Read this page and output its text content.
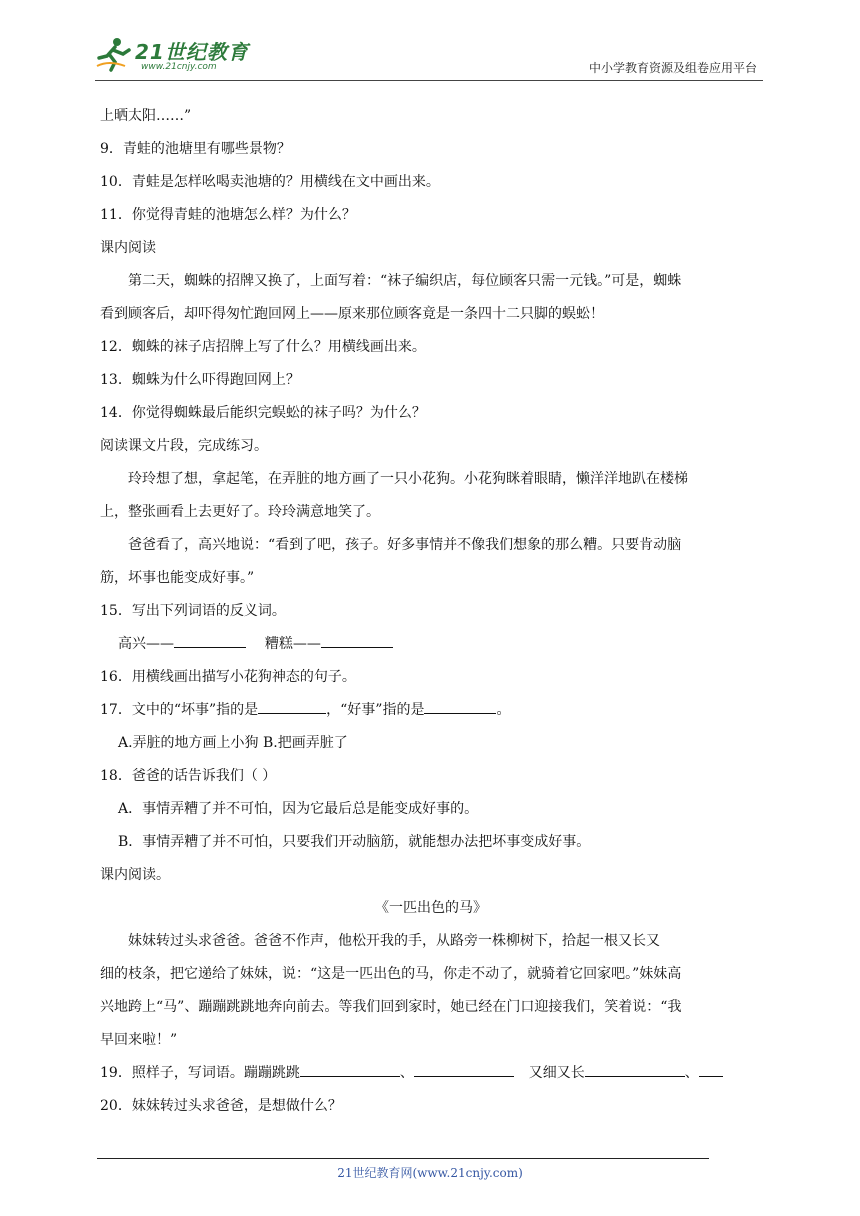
21世纪教育
www.21cnjy.com	中小学教育资源及组卷应用平台
上晒太阳……”
9．青蛙的池塘里有哪些景物？
10．青蛙是怎样吆喝卖池塘的？用横线在文中画出来。
11．你觉得青蛙的池塘怎么样？为什么？
课内阅读
第二天，蜘蛛的招牌又换了，上面写着：“袜子编织店，每位顾客只需一元钱。”可是，蜘蛛
看到顾客后，却吓得匆忙跑回网上——原来那位顾客竟是一条四十二只脚的蜈蚣！
12．蜘蛛的袜子店招牌上写了什么？用横线画出来。
13．蜘蛛为什么吓得跑回网上？
14．你觉得蜘蛛最后能织完蜈蚣的袜子吗？为什么？
阅读课文片段，完成练习。
玲玲想了想，拿起笔，在弄脏的地方画了一只小花狗。小花狗眯着眼睛，懒洋洋地趴在楼梯
上，整张画看上去更好了。玲玲满意地笑了。
爸爸看了，高兴地说：“看到了吧，孩子。好多事情并不像我们想象的那么糟。只要肯动脑
筋，坏事也能变成好事。”
15．写出下列词语的反义词。
高兴——	糟糕——
16．用横线画出描写小花狗神态的句子。
17．文中的“坏事”指的是	，“好事”指的是	。
A.弄脏的地方画上小狗 B.把画弄脏了
18．爸爸的话告诉我们（ ）
A．事情弄糟了并不可怕，因为它最后总是能变成好事的。
B．事情弄糟了并不可怕，只要我们开动脑筋，就能想办法把坏事变成好事。
课内阅读。
《一匹出色的马》
妹妹转过头求爸爸。爸爸不作声，他松开我的手，从路旁一株柳树下，拾起一根又长又
细的枝条，把它递给了妹妹，说：“这是一匹出色的马，你走不动了，就骑着它回家吧。”妹妹高
兴地跨上“马”、蹦蹦跳跳地奔向前去。等我们回到家时，她已经在门口迎接我们，笑着说：“我
早回来啦！”
19．照样子，写词语。蹦蹦跳跳	、	又细又长	、
20．妹妹转过头求爸爸，是想做什么？
21世纪教育网(www.21cnjy.com)
